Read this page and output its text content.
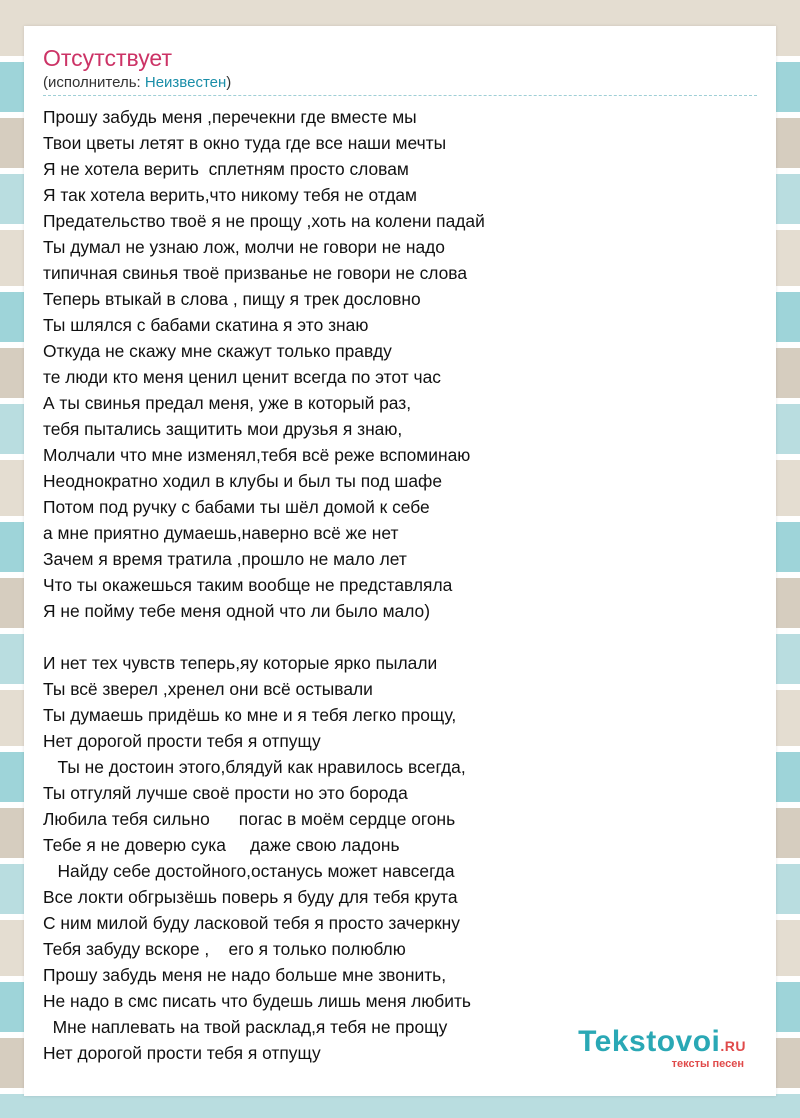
Отсутствует
(исполнитель: Неизвестен)
Прошу забудь меня ,перечекни где вместе мы
Твои цветы летят в окно туда где все наши мечты
Я не хотела верить  сплетням просто словам
Я так хотела верить,что никому тебя не отдам
Предательство твоё я не прощу ,хоть на колени падай
Ты думал не узнаю лож, молчи не говори не надо
типичная свинья твоё призванье не говори не слова
Теперь втыкай в слова , пищу я трек дословно
Ты шлялся с бабами скатина я это знаю
Откуда не скажу мне скажут только правду
те люди кто меня ценил ценит всегда по этот час
А ты свинья предал меня, уже в который раз,
тебя пытались защитить мои друзья я знаю,
Молчали что мне изменял,тебя всё реже вспоминаю
Неоднократно ходил в клубы и был ты под шафе
Потом под ручку с бабами ты шёл домой к себе
а мне приятно думаешь,наверно всё же нет
Зачем я время тратила ,прошло не мало лет
Что ты окажешься таким вообще не представляла
Я не пойму тебе меня одной что ли было мало)
И нет тех чувств теперь,яу которые ярко пылали
Ты всё зверел ,хренел они всё остывали
Ты думаешь придёшь ко мне и я тебя легко прощу,
Нет дорогой прости тебя я отпущу
Ты не достоин этого,блядуй как нравилось всегда,
Ты отгуляй лучше своё прости но это борода
Любила тебя сильно      погас в моём сердце огонь
Тебе я не доверю сука     даже свою ладонь
Найду себе достойного,останусь может навсегда
Все локти обгрызёшь поверь я буду для тебя крута
С ним милой буду ласковой тебя я просто зачеркну
Тебя забуду вскоре ,    его я только полюблю
Прошу забудь меня не надо больше мне звонить,
Не надо в смс писать что будешь лишь меня любить
Мне наплевать на твой расклад,я тебя не прощу
Нет дорогой прости тебя я отпущу	Tekstovoi.RU
тексты песен
